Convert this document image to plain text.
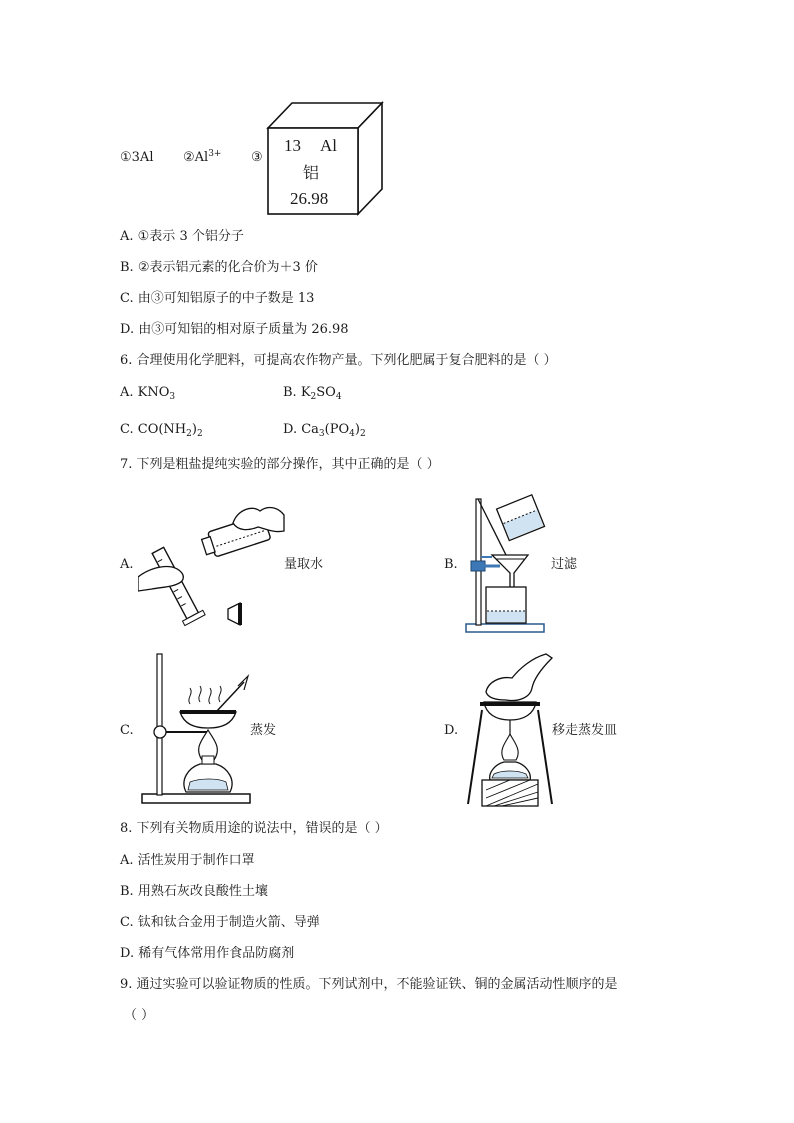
①3Al $②Al^{3+}$ ③
13 Al
铝
26.98
A. ①表示 3 个铝分子
B. ②表示铝元素的化合价为＋3 价
C. 由③可知铝原子的中子数是 13
D. 由③可知铝的相对原子质量为 26.98
6. 合理使用化学肥料，可提高农作物产量。下列化肥属于复合肥料的是（ ）
A. $KNO_3$	B. $K_2SO_4$
C. $CO(NH_2)_2$	D. $Ca_3(PO_4)_2$
7. 下列是粗盐提纯实验的部分操作，其中正确的是（ ）
A.	量取水	B.	过滤
C.	蒸发	D.	移走蒸发皿
8. 下列有关物质用途的说法中，错误的是（ ）
A. 活性炭用于制作口罩
B. 用熟石灰改良酸性土壤
C. 钛和钛合金用于制造火箭、导弹
D. 稀有气体常用作食品防腐剂
9. 通过实验可以验证物质的性质。下列试剂中，不能验证铁、铜的金属活动性顺序的是
（ ）
